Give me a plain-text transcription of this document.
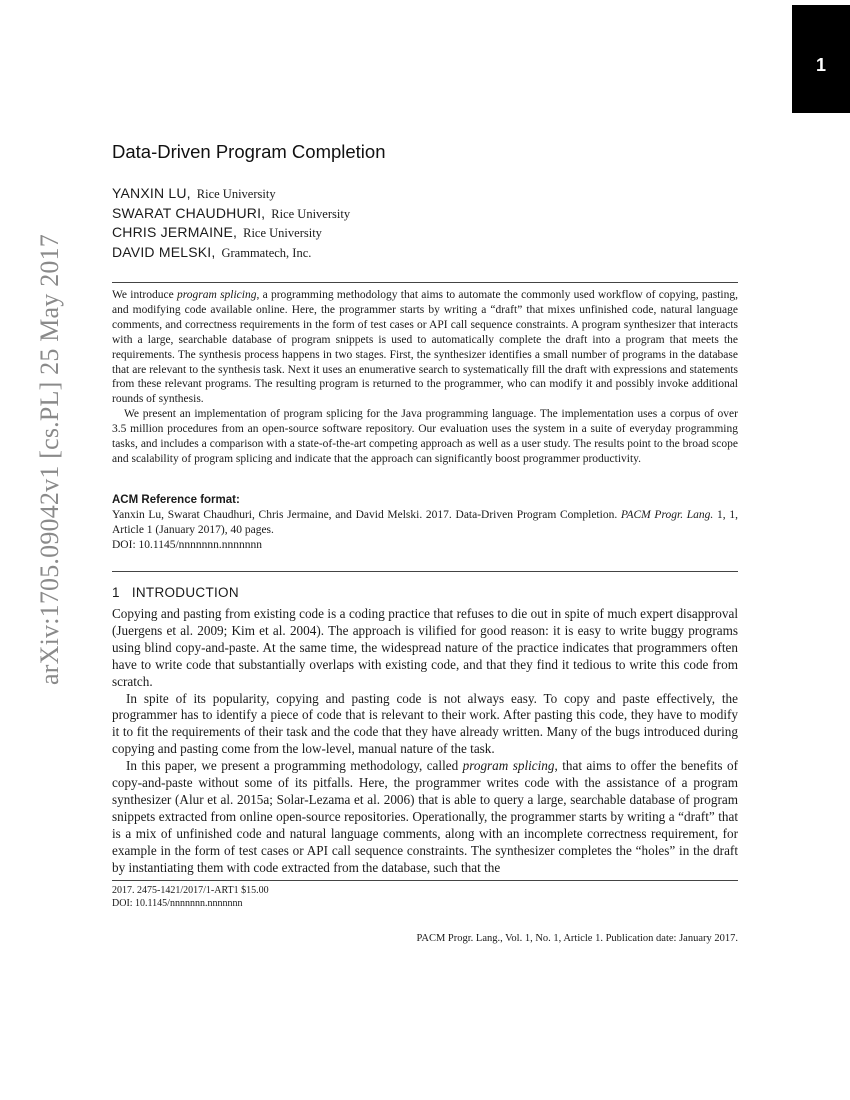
1
arXiv:1705.09042v1 [cs.PL] 25 May 2017
Data-Driven Program Completion
YANXIN LU, Rice University
SWARAT CHAUDHURI, Rice University
CHRIS JERMAINE, Rice University
DAVID MELSKI, Grammatech, Inc.

We introduce program splicing, a programming methodology that aims to automate the commonly used workflow of copying, pasting, and modifying code available online. Here, the programmer starts by writing a “draft” that mixes unfinished code, natural language comments, and correctness requirements in the form of test cases or API call sequence constraints. A program synthesizer that interacts with a large, searchable database of program snippets is used to automatically complete the draft into a program that meets the requirements. The synthesis process happens in two stages. First, the synthesizer identifies a small number of programs in the database that are relevant to the synthesis task. Next it uses an enumerative search to systematically fill the draft with expressions and statements from these relevant programs. The resulting program is returned to the programmer, who can modify it and possibly invoke additional rounds of synthesis.

We present an implementation of program splicing for the Java programming language. The implementation uses a corpus of over 3.5 million procedures from an open-source software repository. Our evaluation uses the system in a suite of everyday programming tasks, and includes a comparison with a state-of-the-art competing approach as well as a user study. The results point to the broad scope and scalability of program splicing and indicate that the approach can significantly boost programmer productivity.

ACM Reference format:
Yanxin Lu, Swarat Chaudhuri, Chris Jermaine, and David Melski. 2017. Data-Driven Program Completion. PACM Progr. Lang. 1, 1, Article 1 (January 2017), 40 pages.
DOI: 10.1145/nnnnnnn.nnnnnnn
1 INTRODUCTION

Copying and pasting from existing code is a coding practice that refuses to die out in spite of much expert disapproval (Juergens et al. 2009; Kim et al. 2004). The approach is vilified for good reason: it is easy to write buggy programs using blind copy-and-paste. At the same time, the widespread nature of the practice indicates that programmers often have to write code that substantially overlaps with existing code, and that they find it tedious to write this code from scratch.

In spite of its popularity, copying and pasting code is not always easy. To copy and paste effectively, the programmer has to identify a piece of code that is relevant to their work. After pasting this code, they have to modify it to fit the requirements of their task and the code that they have already written. Many of the bugs introduced during copying and pasting come from the low-level, manual nature of the task.

In this paper, we present a programming methodology, called program splicing, that aims to offer the benefits of copy-and-paste without some of its pitfalls. Here, the programmer writes code with the assistance of a program synthesizer (Alur et al. 2015a; Solar-Lezama et al. 2006) that is able to query a large, searchable database of program snippets extracted from online open-source repositories. Operationally, the programmer starts by writing a “draft” that is a mix of unfinished code and natural language comments, along with an incomplete correctness requirement, for example in the form of test cases or API call sequence constraints. The synthesizer completes the “holes” in the draft by instantiating them with code extracted from the database, such that the

2017. 2475-1421/2017/1-ART1 $15.00
DOI: 10.1145/nnnnnnn.nnnnnnn
PACM Progr. Lang., Vol. 1, No. 1, Article 1. Publication date: January 2017.
